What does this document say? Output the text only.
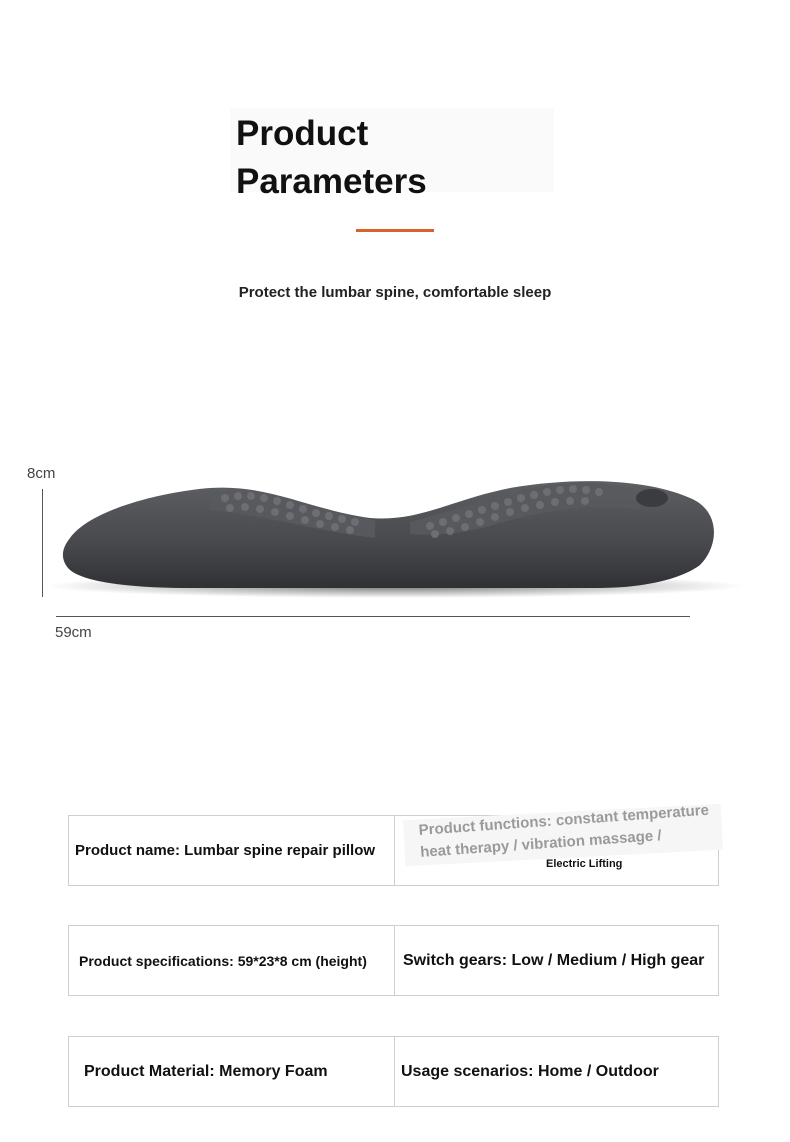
Product
Parameters
Protect the lumbar spine, comfortable sleep
8cm
59cm
Product name: Lumbar spine repair pillow
Product functions: constant temperature heat therapy / vibration massage /
Electric Lifting
Product specifications: 59*23*8 cm (height) Switch gears: Low / Medium / High gear
Product Material: Memory Foam	Usage scenarios: Home / Outdoor
